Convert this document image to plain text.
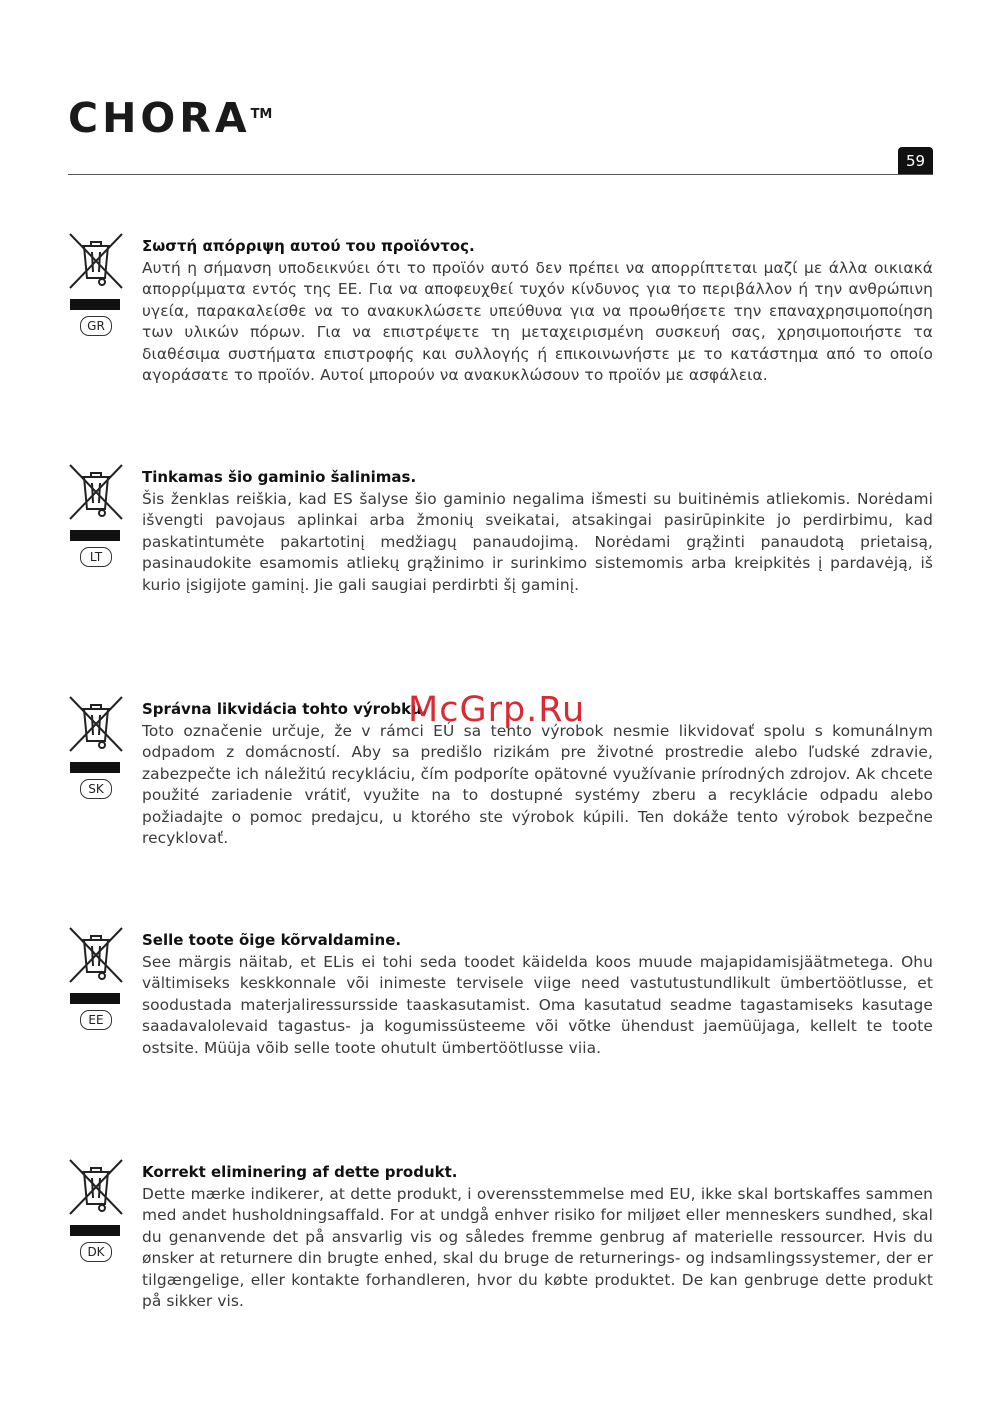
CHORA™
59
GR

Σωστή απόρριψη αυτού του προϊόντος.

Αυτή η σήμανση υποδεικνύει ότι το προϊόν αυτό δεν πρέπει να απορρίπτεται μαζί με άλλα οικιακά απορρίμματα εντός της ΕΕ. Για να αποφευχθεί τυχόν κίνδυνος για το περιβάλλον ή την ανθρώπινη υγεία, παρακαλείσθε να το ανακυκλώσετε υπεύθυνα για να προωθήσετε την επαναχρησιμοποίηση των υλικών πόρων. Για να επιστρέψετε τη μεταχειρισμένη συσκευή σας, χρησιμοποιήστε τα διαθέσιμα συστήματα επιστροφής και συλλογής ή επικοινωνήστε με το κατάστημα από το οποίο αγοράσατε το προϊόν. Αυτοί μπορούν να ανακυκλώσουν το προϊόν με ασφάλεια.

LT

Tinkamas šio gaminio šalinimas.

Šis ženklas reiškia, kad ES šalyse šio gaminio negalima išmesti su buitinėmis atliekomis. Norėdami išvengti pavojaus aplinkai arba žmonių sveikatai, atsakingai pasirūpinkite jo perdirbimu, kad paskatintumėte pakartotinį medžiagų panaudojimą. Norėdami grąžinti panaudotą prietaisą, pasinaudokite esamomis atliekų grąžinimo ir surinkimo sistemomis arba kreipkitės į pardavėją, iš kurio įsigijote gaminį. Jie gali saugiai perdirbti šį gaminį.

SK

Správna likvidácia tohto výrobku.

Toto označenie určuje, že v rámci EÚ sa tento výrobok nesmie likvidovať spolu s komunálnym odpadom z domácností. Aby sa predišlo rizikám pre životné prostredie alebo ľudské zdravie, zabezpečte ich náležitú recykláciu, čím podporíte opätovné využívanie prírodných zdrojov. Ak chcete použité zariadenie vrátiť, využite na to dostupné systémy zberu a recyklácie odpadu alebo požiadajte o pomoc predajcu, u ktorého ste výrobok kúpili. Ten dokáže tento výrobok bezpečne recyklovať.

EE

Selle toote õige kõrvaldamine.

See märgis näitab, et ELis ei tohi seda toodet käidelda koos muude majapidamisjäätmetega. Ohu vältimiseks keskkonnale või inimeste tervisele viige need vastutustundlikult ümbertöötlusse, et soodustada materjaliressursside taaskasutamist. Oma kasutatud seadme tagastamiseks kasutage saadavalolevaid tagastus- ja kogumissüsteeme või võtke ühendust jaemüüjaga, kellelt te toote ostsite. Müüja võib selle toote ohutult ümbertöötlusse viia.

DK

Korrekt eliminering af dette produkt.

Dette mærke indikerer, at dette produkt, i overensstemmelse med EU, ikke skal bortskaffes sammen med andet husholdningsaffald. For at undgå enhver risiko for miljøet eller menneskers sundhed, skal du genanvende det på ansvarlig vis og således fremme genbrug af materielle ressourcer. Hvis du ønsker at returnere din brugte enhed, skal du bruge de returnerings- og indsamlingssystemer, der er tilgængelige, eller kontakte forhandleren, hvor du købte produktet. De kan genbruge dette produkt på sikker vis.

McGrp.Ru
